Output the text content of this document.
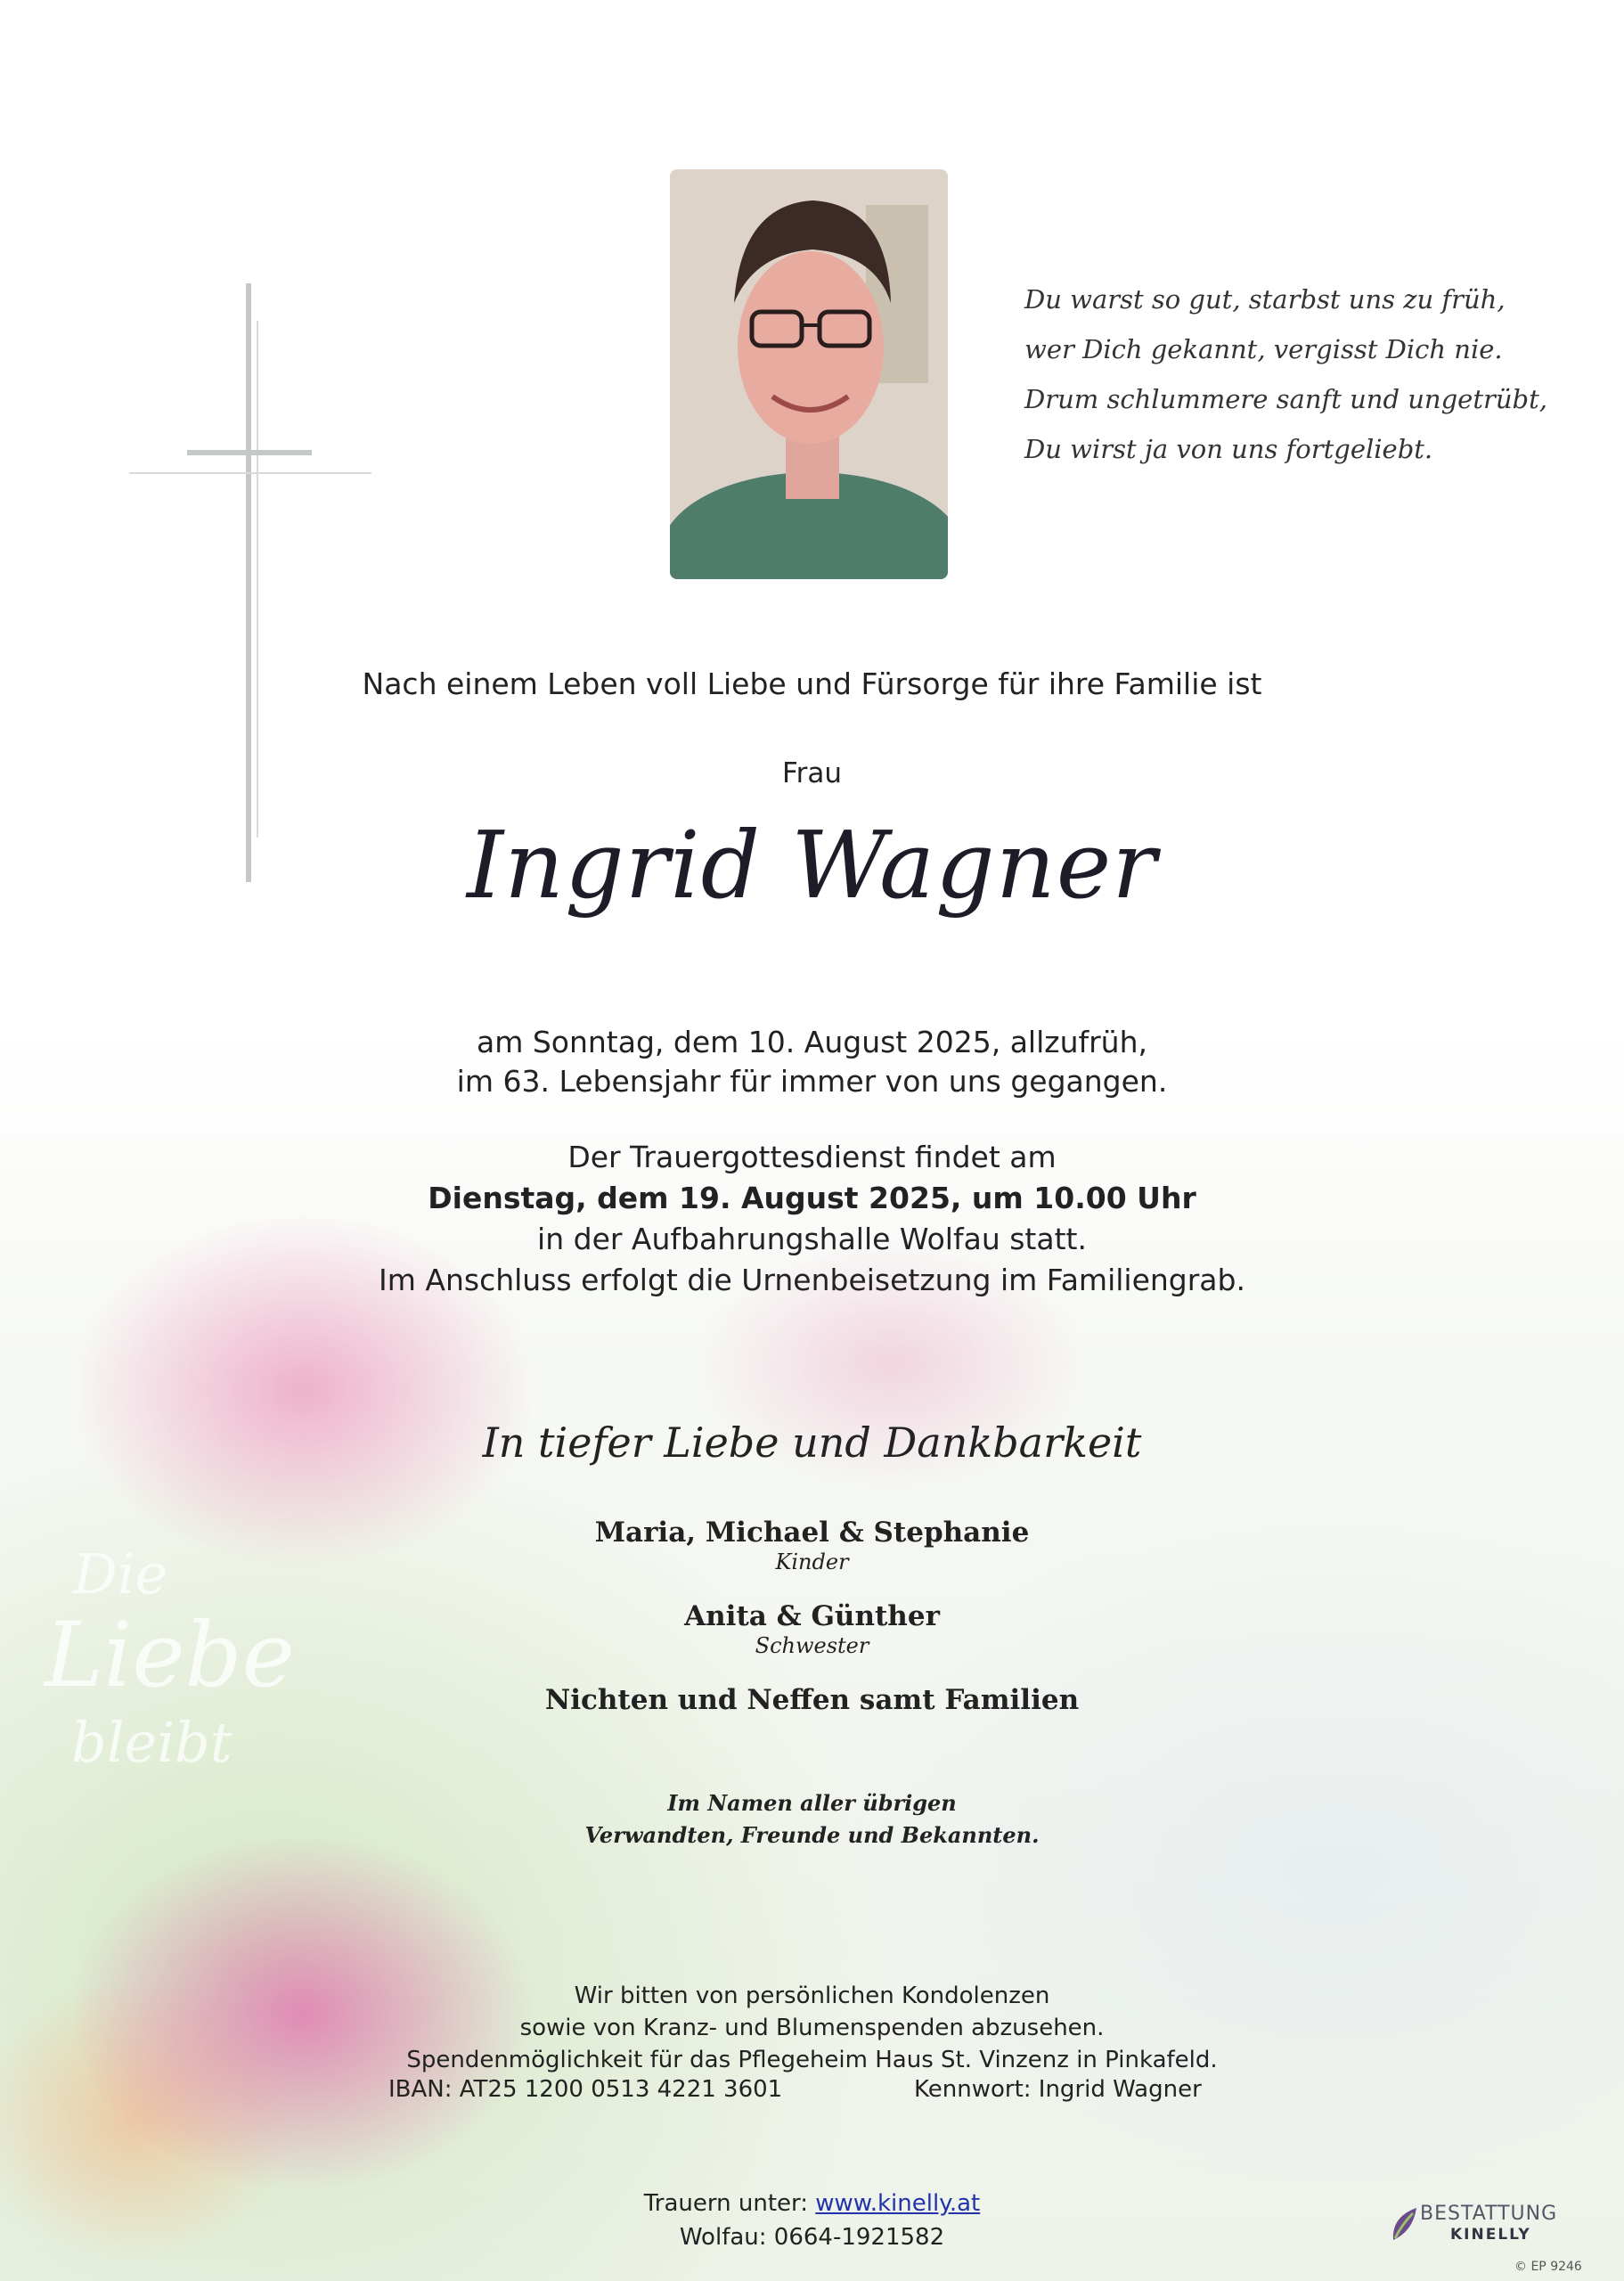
Du warst so gut, starbst uns zu früh,
wer Dich gekannt, vergisst Dich nie.
Drum schlummere sanft und ungetrübt,
Du wirst ja von uns fortgeliebt.
Nach einem Leben voll Liebe und Fürsorge für ihre Familie ist
Frau
Ingrid Wagner
am Sonntag, dem 10. August 2025, allzufrüh,
im 63. Lebensjahr für immer von uns gegangen.
Der Trauergottesdienst findet am
Dienstag, dem 19. August 2025, um 10.00 Uhr
in der Aufbahrungshalle Wolfau statt.
Im Anschluss erfolgt die Urnenbeisetzung im Familiengrab.
In tiefer Liebe und Dankbarkeit
Maria, Michael & Stephanie
Kinder
Anita & Günther
Schwester
Nichten und Neffen samt Familien
Im Namen aller übrigen
Verwandten, Freunde und Bekannten.
Die
Liebe
bleibt
Wir bitten von persönlichen Kondolenzen
sowie von Kranz- und Blumenspenden abzusehen.
Spendenmöglichkeit für das Pflegeheim Haus St. Vinzenz in Pinkafeld.
IBAN: AT25 1200 0513 4221 3601	Kennwort: Ingrid Wagner
Trauern unter: www.kinelly.at
Wolfau: 0664-1921582
BESTATTUNG
KINELLY
© EP 9246
